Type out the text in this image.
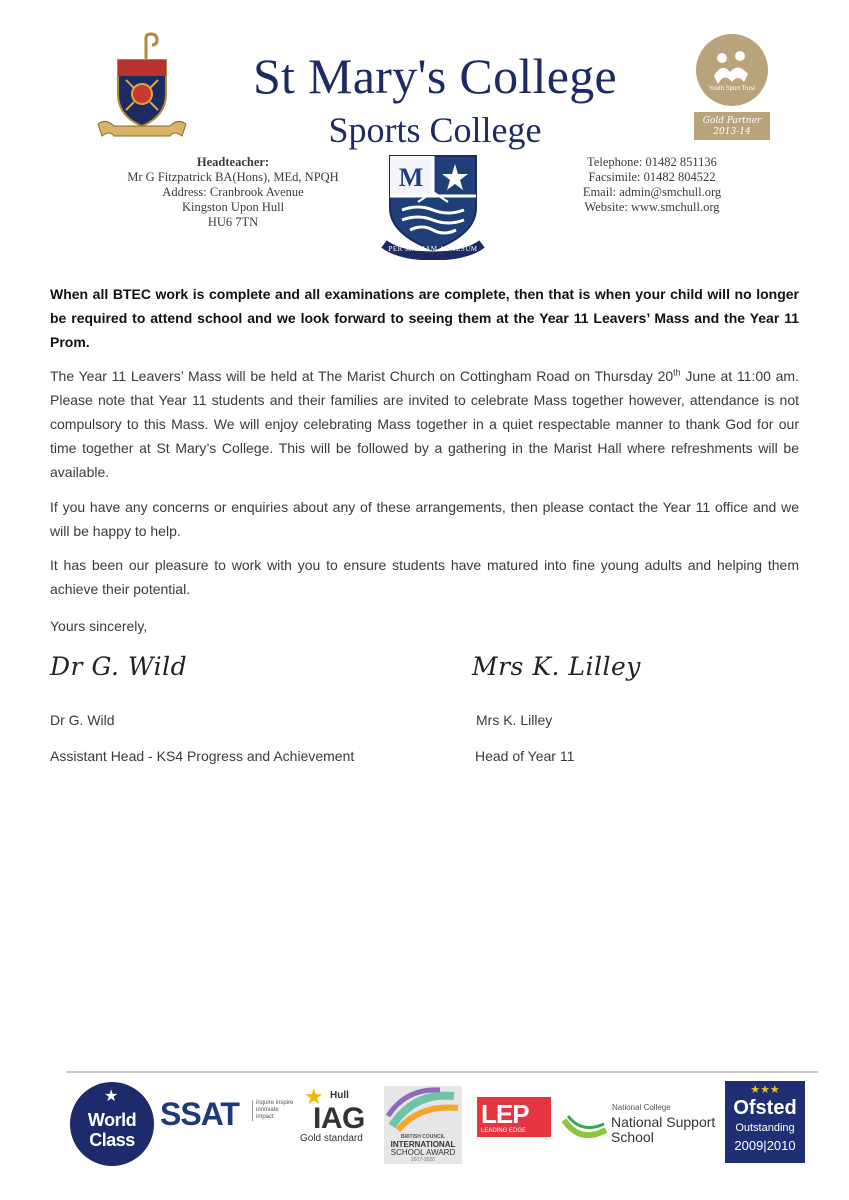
St Mary's College
Sports College
Youth Sport Trust
Gold Partner
2013-14
Headteacher:
Mr G Fitzpatrick BA(Hons), MEd, NPQH
Address: Cranbrook Avenue
Kingston Upon Hull
HU6 7TN
M
PER MARIAM AD JESUM
Telephone: 01482 851136
Facsimile: 01482 804522
Email: admin@smchull.org
Website: www.smchull.org

When all BTEC work is complete and all examinations are complete, then that is when your child will no longer be required to attend school and we look forward to seeing them at the Year 11 Leavers’ Mass and the Year 11 Prom.

The Year 11 Leavers’ Mass will be held at The Marist Church on Cottingham Road on Thursday 20th June at 11:00 am. Please note that Year 11 students and their families are invited to celebrate Mass together however, attendance is not compulsory to this Mass. We will enjoy celebrating Mass together in a quiet respectable manner to thank God for our time together at St Mary’s College. This will be followed by a gathering in the Marist Hall where refreshments will be available.

If you have any concerns or enquiries about any of these arrangements, then please contact the Year 11 office and we will be happy to help.

It has been our pleasure to work with you to ensure students have matured into fine young adults and helping them achieve their potential.

Yours sincerely,

Dr G. Wild	Mrs K. Lilley
Dr G. Wild	Mrs K. Lilley
Assistant Head - KS4 Progress and Achievement	Head of Year 11
★
World Class
SSAT	inquire inspire innovate impact
★ Hull
IAG
Gold standard	BRITISH COUNCIL
INTERNATIONAL
SCHOOL AWARD
2017-2020
LEP
LEADING EDGE
National College
National Support School
★★★
Ofsted
Outstanding
2009|2010
